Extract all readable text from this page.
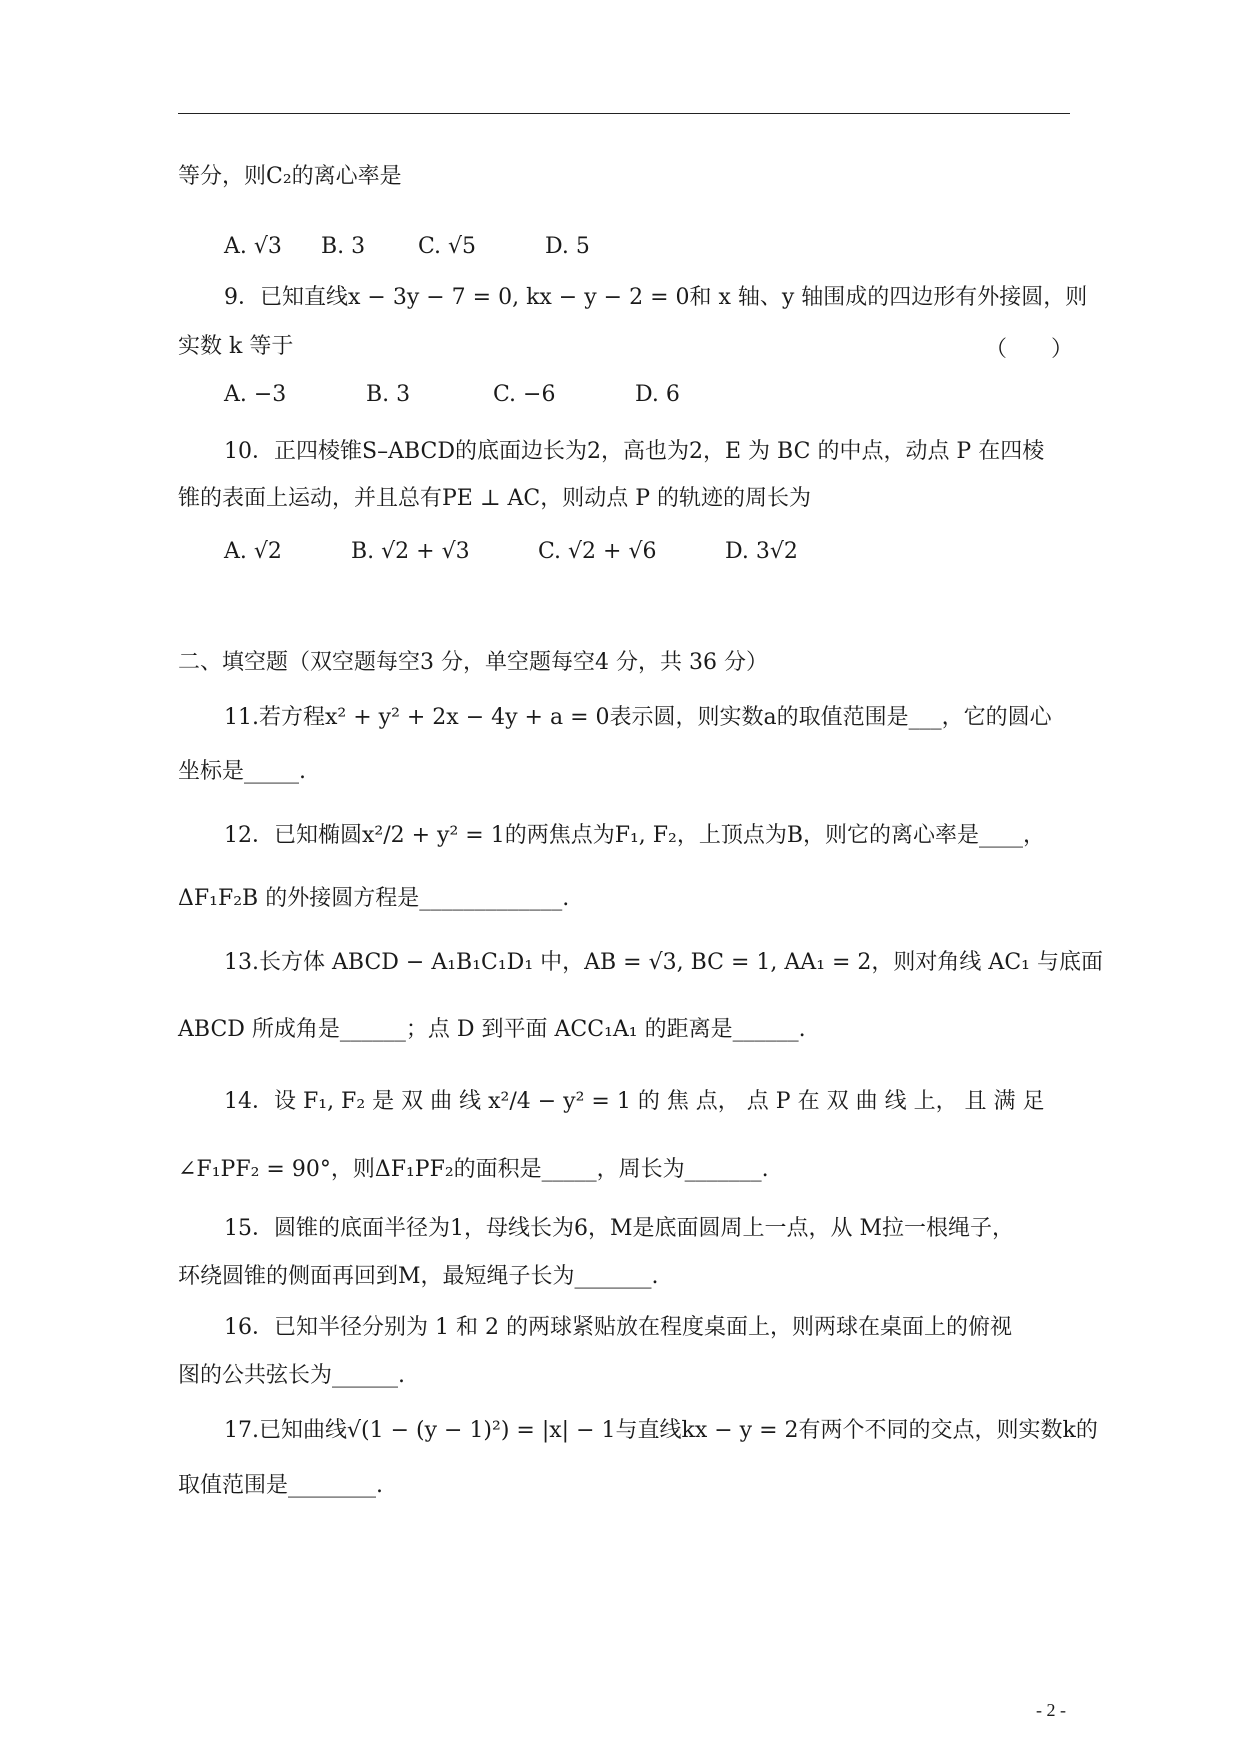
等分，则C₂的离心率是
A. √3 B. 3 C. √5	D. 5
9．已知直线x − 3y − 7 = 0, kx − y − 2 = 0和 x 轴、y 轴围成的四边形有外接圆，则
实数 k 等于	（　　）
A. −3	B. 3	C. −6	D. 6
10．正四棱锥S–ABCD的底面边长为2，高也为2，E 为 BC 的中点，动点 P 在四棱
锥的表面上运动，并且总有PE ⊥ AC，则动点 P 的轨迹的周长为
A. √2	B. √2 + √3	C. √2 + √6	D. 3√2
二、填空题（双空题每空3 分，单空题每空4 分，共 36 分）
11.若方程x² + y² + 2x − 4y + a = 0表示圆，则实数a的取值范围是___，它的圆心
坐标是_____.
12．已知椭圆x²/2 + y² = 1的两焦点为F₁, F₂，上顶点为B，则它的离心率是____，
ΔF₁F₂B 的外接圆方程是_____________.
13.长方体 ABCD − A₁B₁C₁D₁ 中，AB = √3, BC = 1, AA₁ = 2，则对角线 AC₁ 与底面
ABCD 所成角是______；点 D 到平面 ACC₁A₁ 的距离是______.
14．设 F₁, F₂ 是 双 曲 线 x²/4 − y² = 1 的 焦 点， 点 P 在 双 曲 线 上， 且 满 足
∠F₁PF₂ = 90°，则ΔF₁PF₂的面积是_____，周长为_______.
15．圆锥的底面半径为1，母线长为6，M是底面圆周上一点，从 M拉一根绳子，
环绕圆锥的侧面再回到M，最短绳子长为_______.
16．已知半径分别为 1 和 2 的两球紧贴放在程度桌面上，则两球在桌面上的俯视
图的公共弦长为______.
17.已知曲线√(1 − (y − 1)²) = |x| − 1与直线kx − y = 2有两个不同的交点，则实数k的
取值范围是________.
- 2 -
